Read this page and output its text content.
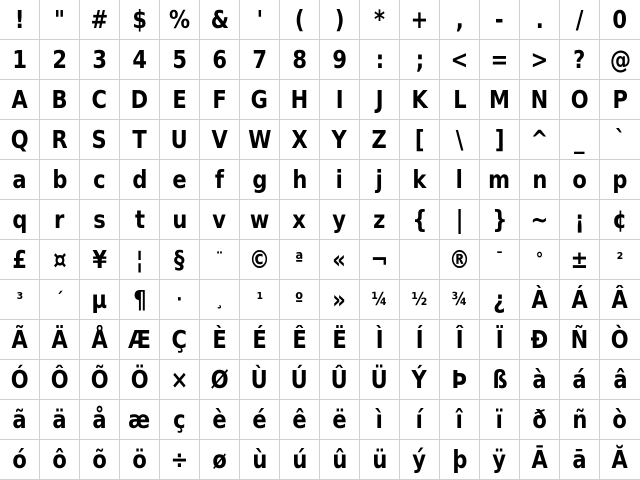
! " # $ % & ' ( ) * + , - . / 0
1 2 3 4 5 6 7 8 9 : ; < = > ? @
A B C D E F G H I J K L M N O P
Q R S T U V W X Y Z [ \ ] ^ _ `
a b c d e f g h i j k l m n o p
q r s t u v w x y z { | } ~ ¡ ¢
£ ¤ ¥ ¦ § ¨ © ª « ¬ ® ¯ ° ± ²
³ ´ µ ¶ · ¸ ¹ º » ¼ ½ ¾ ¿ À Á Â
Ã Ä Å Æ Ç È É Ê Ë Ì Í Î Ï Ð Ñ Ò
Ó Ô Õ Ö × Ø Ù Ú Û Ü Ý Þ ß à á â
ã ä å æ ç è é ê ë ì í î ï ð ñ ò
ó ô õ ö ÷ ø ù ú û ü ý þ ÿ Ā ā Ă
